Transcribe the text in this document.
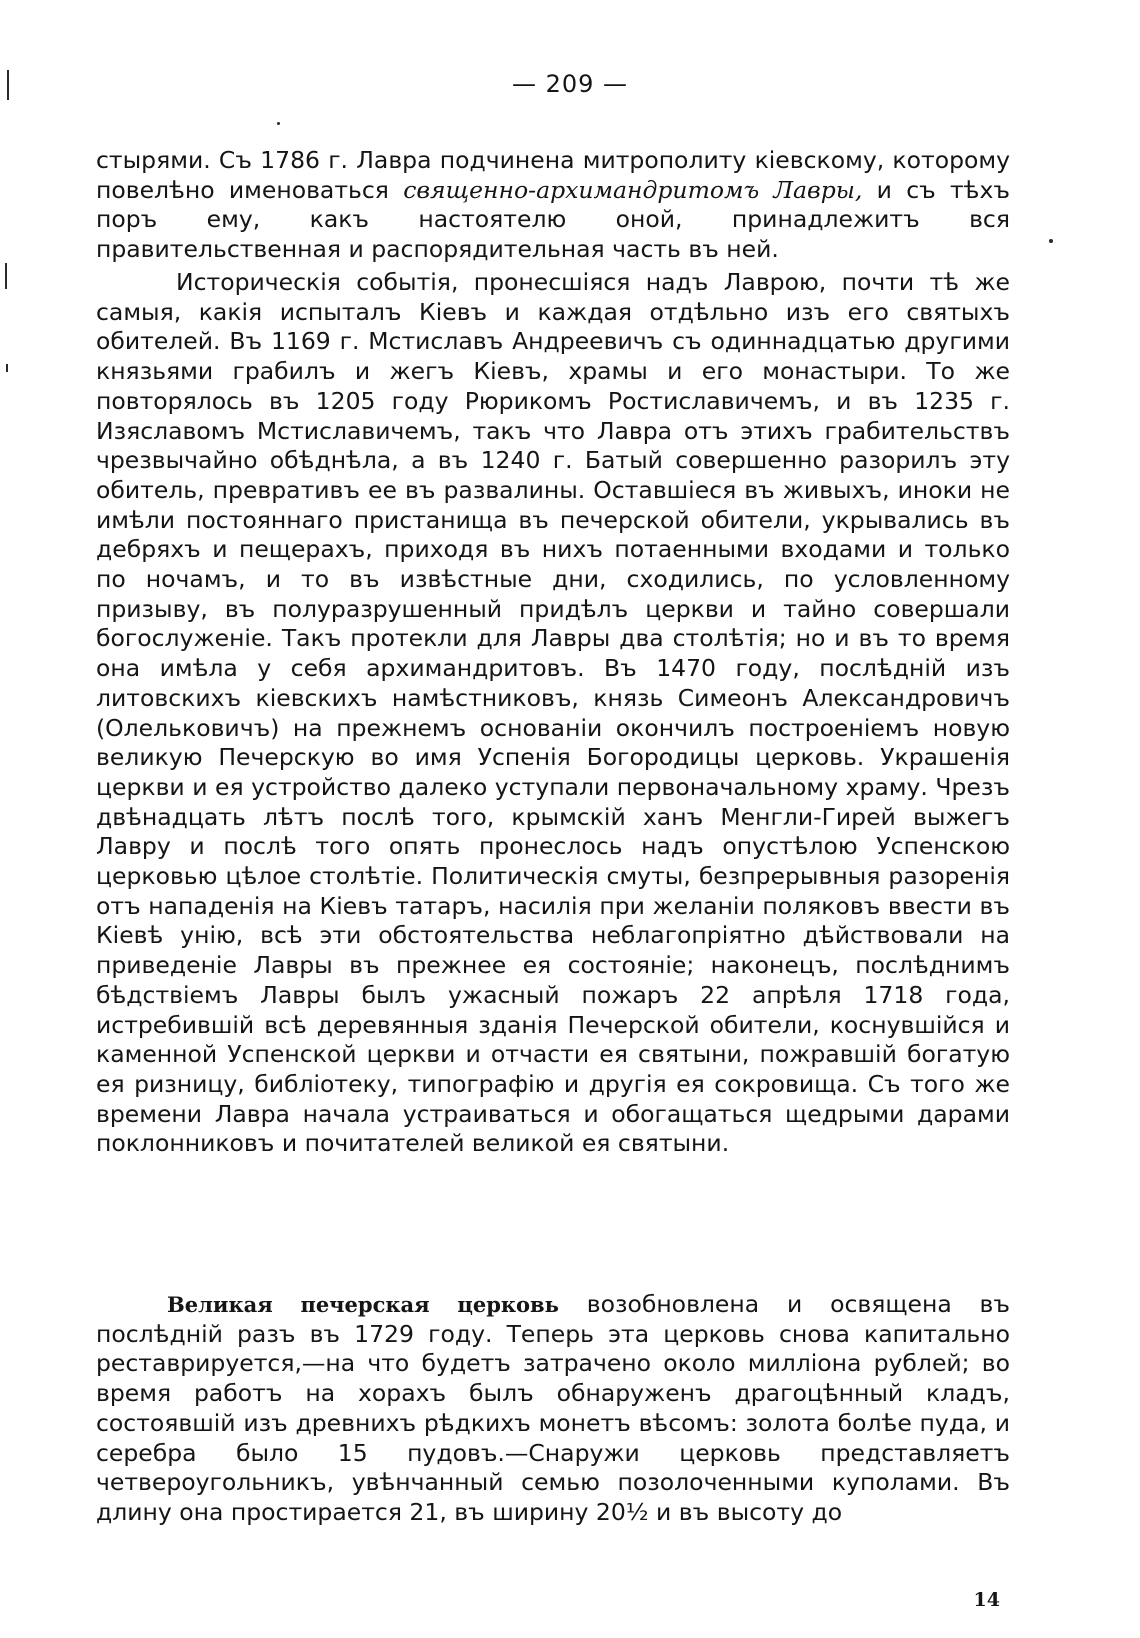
— 209 —
стырями. Съ 1786 г. Лавра подчинена митрополиту кіевскому, которому повелѣно именоваться священно-архимандритомъ Лавры, и съ тѣхъ поръ ему, какъ настоятелю оной, принадлежитъ вся правительственная и распорядительная часть въ ней.
Историческія событія, пронесшіяся надъ Лаврою, почти тѣ же самыя, какія испыталъ Кіевъ и каждая отдѣльно изъ его святыхъ обителей. Въ 1169 г. Мстиславъ Андреевичъ съ одиннадцатью другими князьями грабилъ и жегъ Кіевъ, храмы и его монастыри. То же повторялось въ 1205 году Рюрикомъ Ростиславичемъ, и въ 1235 г. Изяславомъ Мстиславичемъ, такъ что Лавра отъ этихъ грабительствъ чрезвычайно обѣднѣла, а въ 1240 г. Батый совершенно разорилъ эту обитель, превративъ ее въ развалины. Оставшіеся въ живыхъ, иноки не имѣли постояннаго пристанища въ печерской обители, укрывались въ дебряхъ и пещерахъ, приходя въ нихъ потаенными входами и только по ночамъ, и то въ извѣстные дни, сходились, по условленному призыву, въ полуразрушенный придѣлъ церкви и тайно совершали богослуженіе. Такъ протекли для Лавры два столѣтія; но и въ то время она имѣла у себя архимандритовъ. Въ 1470 году, послѣдній изъ литовскихъ кіевскихъ намѣстниковъ, князь Симеонъ Александровичъ (Олельковичъ) на прежнемъ основаніи окончилъ построеніемъ новую великую Печерскую во имя Успенія Богородицы церковь. Украшенія церкви и ея устройство далеко уступали первоначальному храму. Чрезъ двѣнадцать лѣтъ послѣ того, крымскій ханъ Менгли-Гирей выжегъ Лавру и послѣ того опять пронеслось надъ опустѣлою Успенскою церковью цѣлое столѣтіе. Политическія смуты, безпрерывныя разоренія отъ нападенія на Кіевъ татаръ, насилія при желаніи поляковъ ввести въ Кіевѣ унію, всѣ эти обстоятельства неблагопріятно дѣйствовали на приведеніе Лавры въ прежнее ея состояніе; наконецъ, послѣднимъ бѣдствіемъ Лавры былъ ужасный пожаръ 22 апрѣля 1718 года, истребившій всѣ деревянныя зданія Печерской обители, коснувшійся и каменной Успенской церкви и отчасти ея святыни, пожравшій богатую ея ризницу, библіотеку, типографію и другія ея сокровища. Съ того же времени Лавра начала устраиваться и обогащаться щедрыми дарами поклонниковъ и почитателей великой ея святыни.
Великая печерская церковь возобновлена и освящена въ послѣдній разъ въ 1729 году. Теперь эта церковь снова капитально реставрируется,—на что будетъ затрачено около милліона рублей; во время работъ на хорахъ былъ обнаруженъ драгоцѣнный кладъ, состоявшій изъ древнихъ рѣдкихъ монетъ вѣсомъ: золота болѣе пуда, и серебра было 15 пудовъ.—Снаружи церковь представляетъ четвероугольникъ, увѣнчанный семью позолоченными куполами. Въ длину она простирается 21, въ ширину 20½ и въ высоту до
14
